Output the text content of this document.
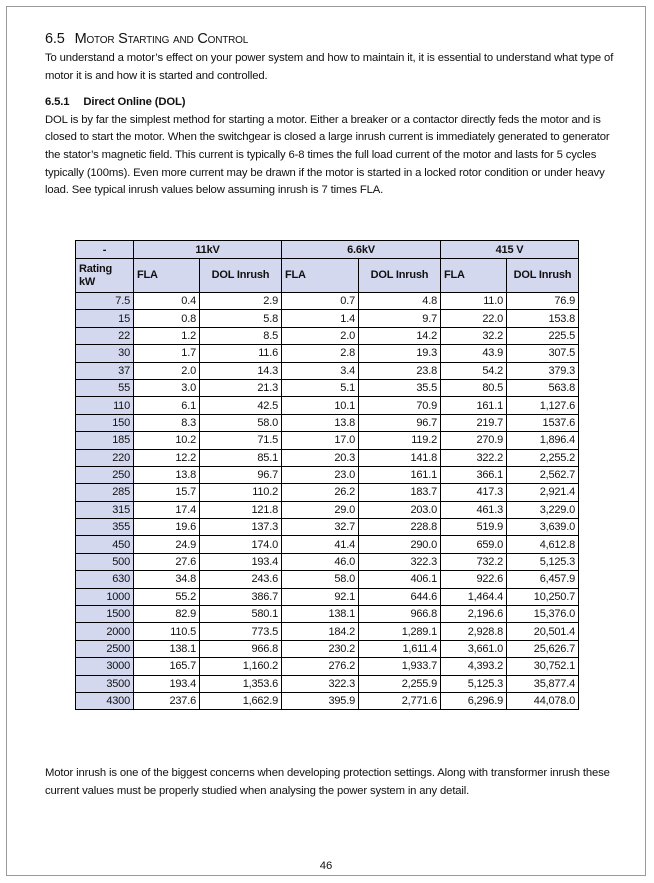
6.5 Motor Starting and Control

To understand a motor’s effect on your power system and how to maintain it, it is essential to understand what type of motor it is and how it is started and controlled.

6.5.1 Direct Online (DOL)

DOL is by far the simplest method for starting a motor. Either a breaker or a contactor directly feds the motor and is closed to start the motor. When the switchgear is closed a large inrush current is immediately generated to generator the stator’s magnetic field. This current is typically 6-8 times the full load current of the motor and lasts for 5 cycles typically (100ms). Even more current may be drawn if the motor is started in a locked rotor condition or under heavy load. See typical inrush values below assuming inrush is 7 times FLA.

-	11kV		6.6kV		415 V	
Rating kW	FLA	DOL Inrush	FLA	DOL Inrush	FLA	DOL Inrush
7.5	0.4	2.9	0.7	4.8	11.0	76.9
15	0.8	5.8	1.4	9.7	22.0	153.8
22	1.2	8.5	2.0	14.2	32.2	225.5
30	1.7	11.6	2.8	19.3	43.9	307.5
37	2.0	14.3	3.4	23.8	54.2	379.3
55	3.0	21.3	5.1	35.5	80.5	563.8
110	6.1	42.5	10.1	70.9	161.1	1,127.6
150	8.3	58.0	13.8	96.7	219.7	1537.6
185	10.2	71.5	17.0	119.2	270.9	1,896.4
220	12.2	85.1	20.3	141.8	322.2	2,255.2
250	13.8	96.7	23.0	161.1	366.1	2,562.7
285	15.7	110.2	26.2	183.7	417.3	2,921.4
315	17.4	121.8	29.0	203.0	461.3	3,229.0
355	19.6	137.3	32.7	228.8	519.9	3,639.0
450	24.9	174.0	41.4	290.0	659.0	4,612.8
500	27.6	193.4	46.0	322.3	732.2	5,125.3
630	34.8	243.6	58.0	406.1	922.6	6,457.9
1000	55.2	386.7	92.1	644.6	1,464.4	10,250.7
1500	82.9	580.1	138.1	966.8	2,196.6	15,376.0
2000	110.5	773.5	184.2	1,289.1	2,928.8	20,501.4
2500	138.1	966.8	230.2	1,611.4	3,661.0	25,626.7
3000	165.7	1,160.2	276.2	1,933.7	4,393.2	30,752.1
3500	193.4	1,353.6	322.3	2,255.9	5,125.3	35,877.4
4300	237.6	1,662.9	395.9	2,771.6	6,296.9	44,078.0

Motor inrush is one of the biggest concerns when developing protection settings. Along with transformer inrush these current values must be properly studied when analysing the power system in any detail.

46
